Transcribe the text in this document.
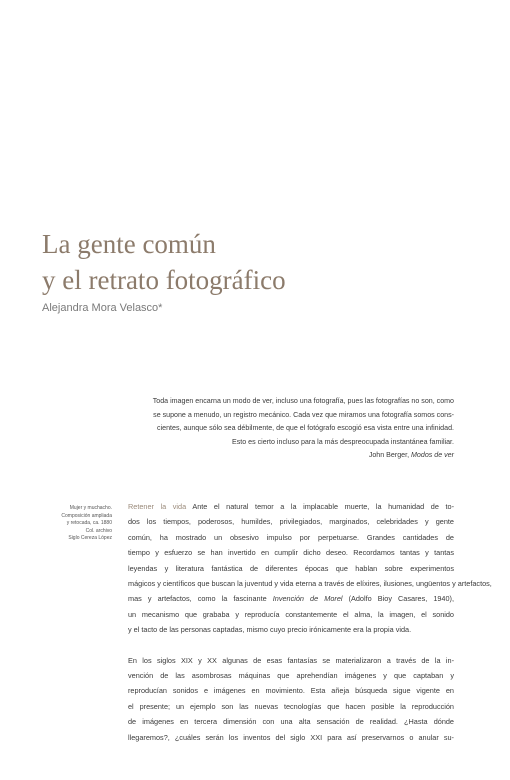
La gente común
y el retrato fotográfico
Alejandra Mora Velasco*
Toda imagen encarna un modo de ver, incluso una fotografía, pues las fotografías no son, como
se supone a menudo, un registro mecánico. Cada vez que miramos una fotografía somos cons-
cientes, aunque sólo sea débilmente, de que el fotógrafo escogió esa vista entre una infinidad.
Esto es cierto incluso para la más despreocupada instantánea familiar.
John Berger, Modos de ver
Mujer y muchacho.
Composición ampliada
y retocada, ca. 1880
Col. archivo
Siglo Cereza López
Retener la vida Ante el natural temor a la implacable muerte, la humanidad de to-
dos los tiempos, poderosos, humildes, privilegiados, marginados, celebridades y gente
común, ha mostrado un obsesivo impulso por perpetuarse. Grandes cantidades de
tiempo y esfuerzo se han invertido en cumplir dicho deseo. Recordamos tantas y tantas
leyendas y literatura fantástica de diferentes épocas que hablan sobre experimentos
mágicos y científicos que buscan la juventud y vida eterna a través de elíxires, ilusiones, ungüentos y artefactos,
mas y artefactos, como la fascinante Invención de Morel (Adolfo Bioy Casares, 1940),
un mecanismo que grababa y reproducía constantemente el alma, la imagen, el sonido
y el tacto de las personas captadas, mismo cuyo precio irónicamente era la propia vida.
En los siglos XIX y XX algunas de esas fantasías se materializaron a través de la in-
vención de las asombrosas máquinas que aprehendían imágenes y que captaban y
reproducían sonidos e imágenes en movimiento. Esta añeja búsqueda sigue vigente en
el presente; un ejemplo son las nuevas tecnologías que hacen posible la reproducción
de imágenes en tercera dimensión con una alta sensación de realidad. ¿Hasta dónde
llegaremos?, ¿cuáles serán los inventos del siglo XXI para así preservarnos o anular su-
